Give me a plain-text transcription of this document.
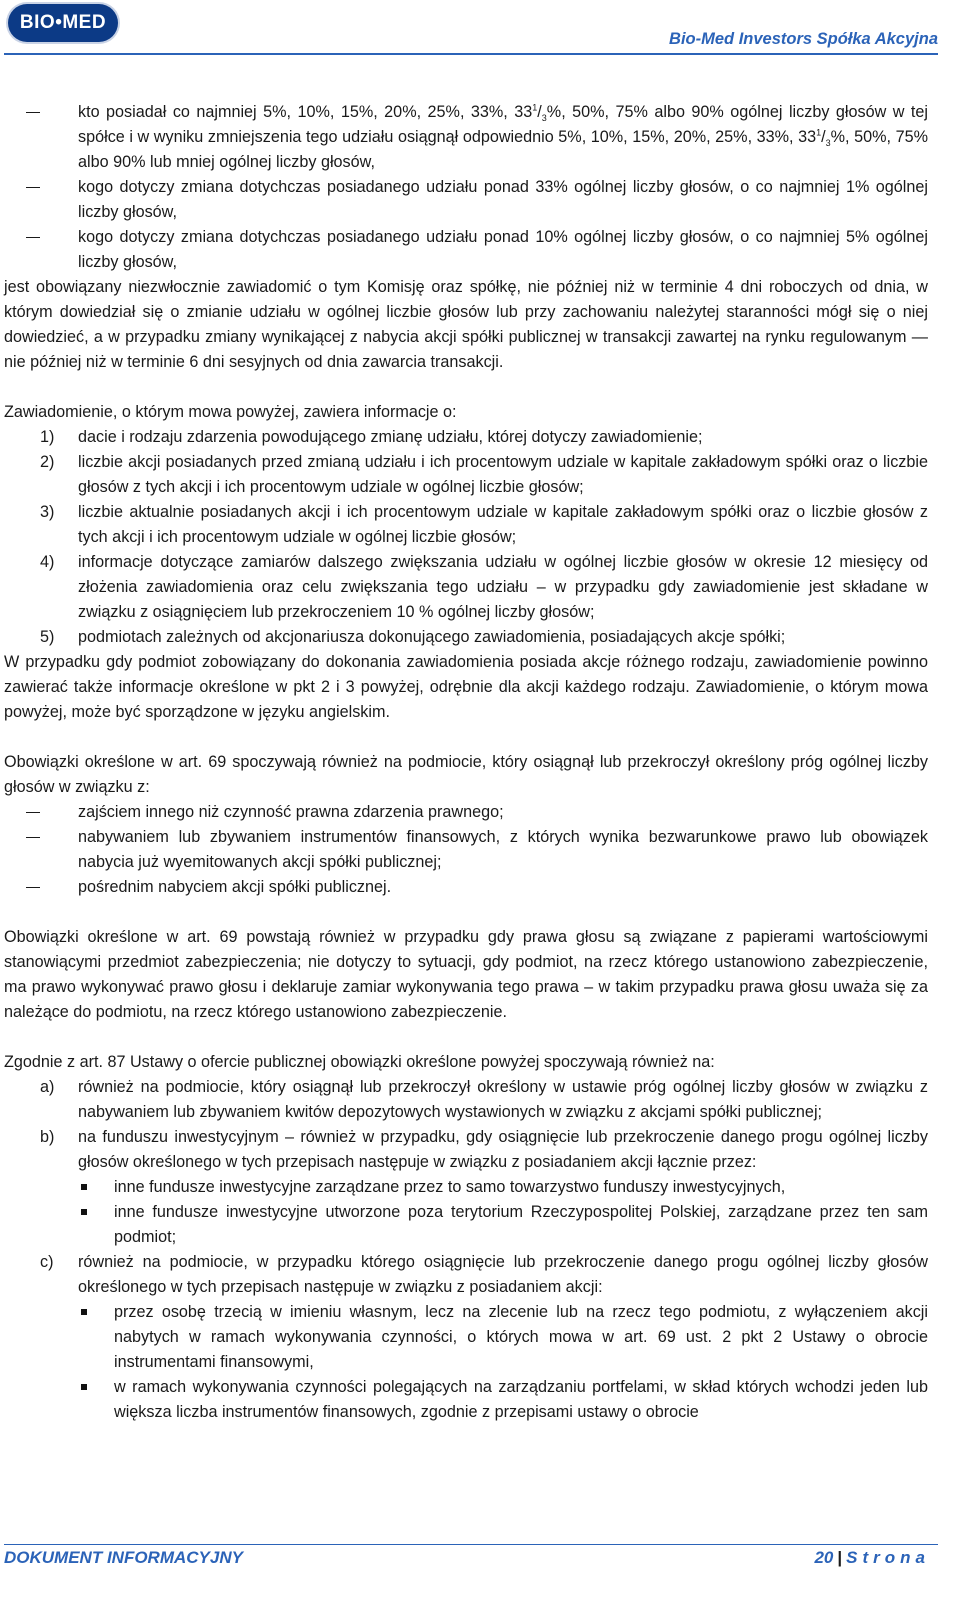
BIO•MED
Bio-Med Investors Spółka Akcyjna
kto posiadał co najmniej 5%, 10%, 15%, 20%, 25%, 33%, $33^1/_3\%$, 50%, 75% albo 90% ogólnej liczby głosów w tej spółce i w wyniku zmniejszenia tego udziału osiągnął odpowiednio 5%, 10%, 15%, 20%, 25%, 33%, $33^1/_3\%$, 50%, 75% albo 90% lub mniej ogólnej liczby głosów,
kogo dotyczy zmiana dotychczas posiadanego udziału ponad 33% ogólnej liczby głosów, o co najmniej 1% ogólnej liczby głosów,
kogo dotyczy zmiana dotychczas posiadanego udziału ponad 10% ogólnej liczby głosów, o co najmniej 5% ogólnej liczby głosów,

jest obowiązany niezwłocznie zawiadomić o tym Komisję oraz spółkę, nie później niż w terminie 4 dni roboczych od dnia, w którym dowiedział się o zmianie udziału w ogólnej liczbie głosów lub przy zachowaniu należytej staranności mógł się o niej dowiedzieć, a w przypadku zmiany wynikającej z nabycia akcji spółki publicznej w transakcji zawartej na rynku regulowanym — nie później niż w terminie 6 dni sesyjnych od dnia zawarcia transakcji.

Zawiadomienie, o którym mowa powyżej, zawiera informacje o:

1) dacie i rodzaju zdarzenia powodującego zmianę udziału, której dotyczy zawiadomienie;
2) liczbie akcji posiadanych przed zmianą udziału i ich procentowym udziale w kapitale zakładowym spółki oraz o liczbie głosów z tych akcji i ich procentowym udziale w ogólnej liczbie głosów;
3) liczbie aktualnie posiadanych akcji i ich procentowym udziale w kapitale zakładowym spółki oraz o liczbie głosów z tych akcji i ich procentowym udziale w ogólnej liczbie głosów;
4) informacje dotyczące zamiarów dalszego zwiększania udziału w ogólnej liczbie głosów w okresie 12 miesięcy od złożenia zawiadomienia oraz celu zwiększania tego udziału – w przypadku gdy zawiadomienie jest składane w związku z osiągnięciem lub przekroczeniem 10 % ogólnej liczby głosów;
5) podmiotach zależnych od akcjonariusza dokonującego zawiadomienia, posiadających akcje spółki;

W przypadku gdy podmiot zobowiązany do dokonania zawiadomienia posiada akcje różnego rodzaju, zawiadomienie powinno zawierać także informacje określone w pkt 2 i 3 powyżej, odrębnie dla akcji każdego rodzaju. Zawiadomienie, o którym mowa powyżej, może być sporządzone w języku angielskim.

Obowiązki określone w art. 69 spoczywają również na podmiocie, który osiągnął lub przekroczył określony próg ogólnej liczby głosów w związku z:

zajściem innego niż czynność prawna zdarzenia prawnego;
nabywaniem lub zbywaniem instrumentów finansowych, z których wynika bezwarunkowe prawo lub obowiązek nabycia już wyemitowanych akcji spółki publicznej;
pośrednim nabyciem akcji spółki publicznej.

Obowiązki określone w art. 69 powstają również w przypadku gdy prawa głosu są związane z papierami wartościowymi stanowiącymi przedmiot zabezpieczenia; nie dotyczy to sytuacji, gdy podmiot, na rzecz którego ustanowiono zabezpieczenie, ma prawo wykonywać prawo głosu i deklaruje zamiar wykonywania tego prawa – w takim przypadku prawa głosu uważa się za należące do podmiotu, na rzecz którego ustanowiono zabezpieczenie.

Zgodnie z art. 87 Ustawy o ofercie publicznej obowiązki określone powyżej spoczywają również na:

a) również na podmiocie, który osiągnął lub przekroczył określony w ustawie próg ogólnej liczby głosów w związku z nabywaniem lub zbywaniem kwitów depozytowych wystawionych w związku z akcjami spółki publicznej;
b) na funduszu inwestycyjnym – również w przypadku, gdy osiągnięcie lub przekroczenie danego progu ogólnej liczby głosów określonego w tych przepisach następuje w związku z posiadaniem akcji łącznie przez:
inne fundusze inwestycyjne zarządzane przez to samo towarzystwo funduszy inwestycyjnych,
inne fundusze inwestycyjne utworzone poza terytorium Rzeczypospolitej Polskiej, zarządzane przez ten sam podmiot;
c) również na podmiocie, w przypadku którego osiągnięcie lub przekroczenie danego progu ogólnej liczby głosów określonego w tych przepisach następuje w związku z posiadaniem akcji:
przez osobę trzecią w imieniu własnym, lecz na zlecenie lub na rzecz tego podmiotu, z wyłączeniem akcji nabytych w ramach wykonywania czynności, o których mowa w art. 69 ust. 2 pkt 2 Ustawy o obrocie instrumentami finansowymi,
w ramach wykonywania czynności polegających na zarządzaniu portfelami, w skład których wchodzi jeden lub większa liczba instrumentów finansowych, zgodnie z przepisami ustawy o obrocie
DOKUMENT INFORMACYJNY	20 | Strona
